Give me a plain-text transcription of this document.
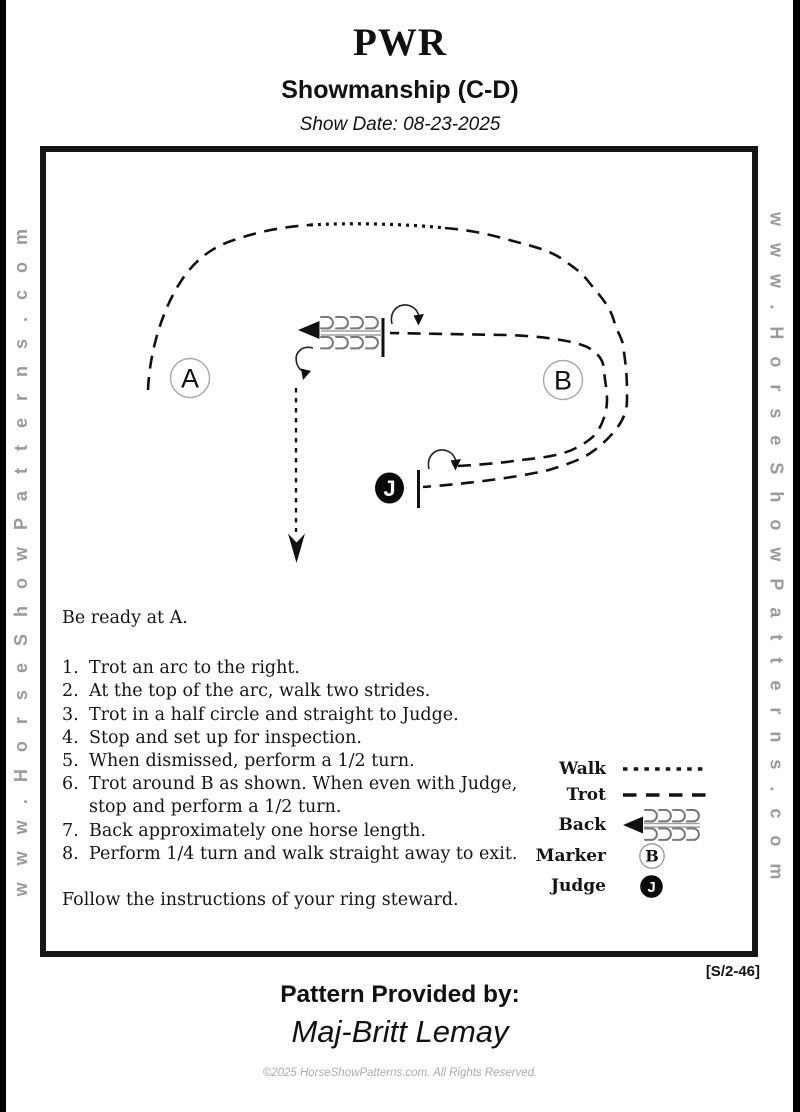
www.HorseShowPatterns.com	www.HorseShowPatterns.com
PWR
Showmanship (C-D)
Show Date: 08-23-2025
J
A	B

Be ready at A.

1. Trot an arc to the right.
2. At the top of the arc, walk two strides.
3. Trot in a half circle and straight to Judge.
4. Stop and set up for inspection.
5. When dismissed, perform a 1/2 turn.
6. Trot around B as shown. When even with Judge, stop and perform a 1/2 turn.
7. Back approximately one horse length.
8. Perform 1/4 turn and walk straight away to exit.

Follow the instructions of your ring steward.

Walk
Trot
Back
Marker B
Judge	J
[S/2-46]
Pattern Provided by:
Maj-Britt Lemay
©2025 HorseShowPatterns.com. All Rights Reserved.
